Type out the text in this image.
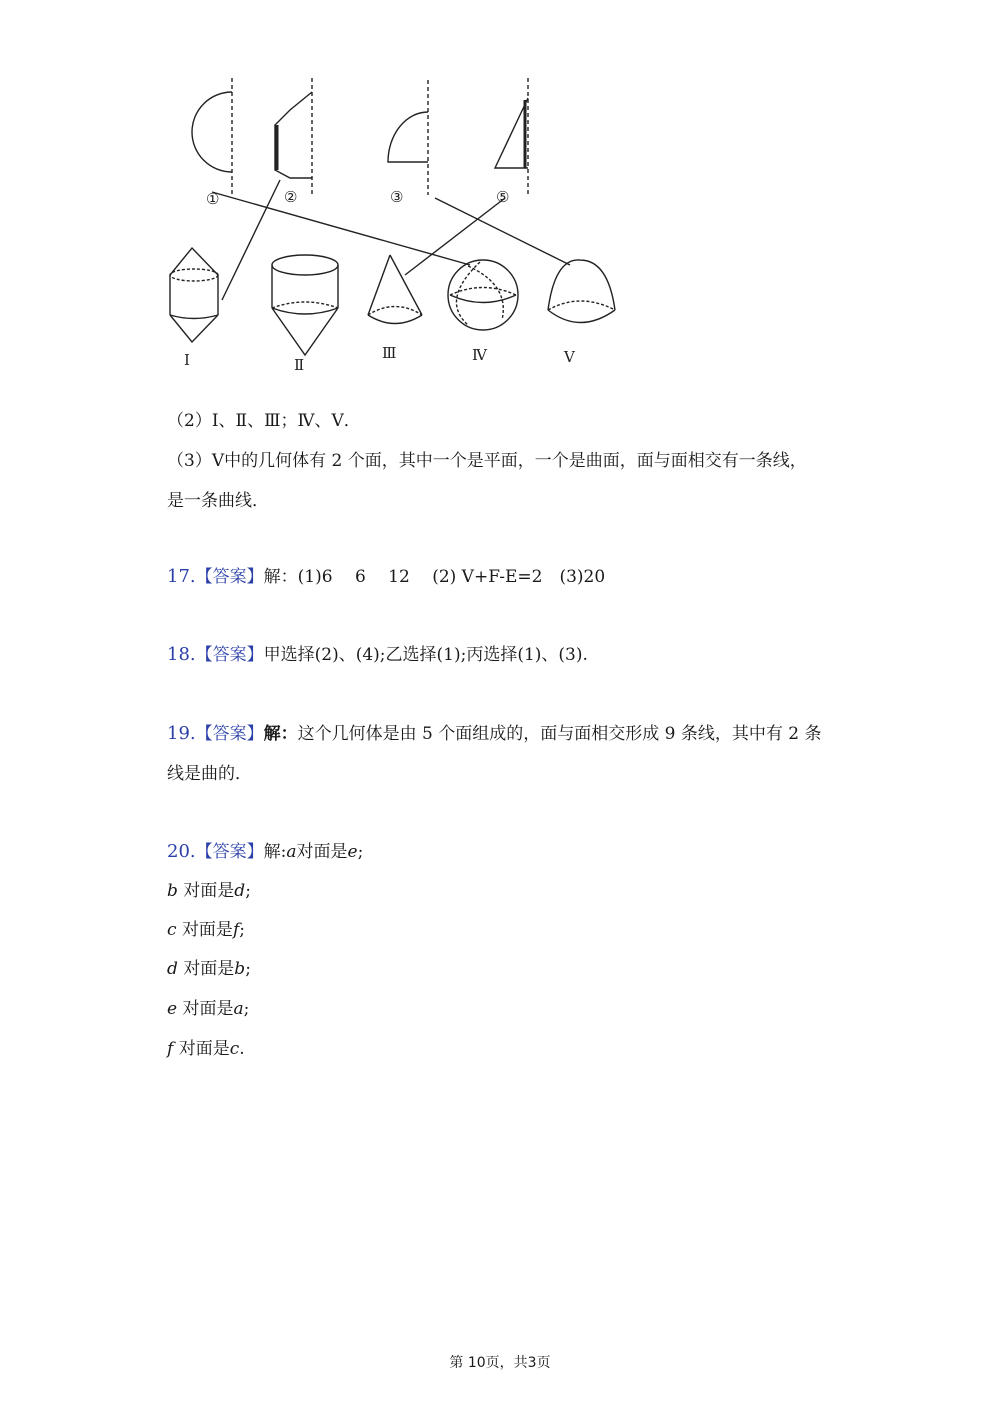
①	②	③	⑤
Ⅰ	Ⅱ
Ⅲ	Ⅳ	Ⅴ
（2）Ⅰ、Ⅱ、Ⅲ；Ⅳ、Ⅴ．
（3）Ⅴ中的几何体有 2 个面，其中一个是平面，一个是曲面，面与面相交有一条线，
是一条曲线．
17.【答案】解：(1)6　 6　 12　 (2) V+F-E=2　(3)20
18.【答案】甲选择(2)、(4);乙选择(1);丙选择(1)、(3).
19.【答案】解：这个几何体是由 5 个面组成的，面与面相交形成 9 条线，其中有 2 条
线是曲的．
20.【答案】解:a对面是e;
b 对面是d;
c 对面是f;
d 对面是b;
e 对面是a;
f 对面是c.
第 10页，共3页
